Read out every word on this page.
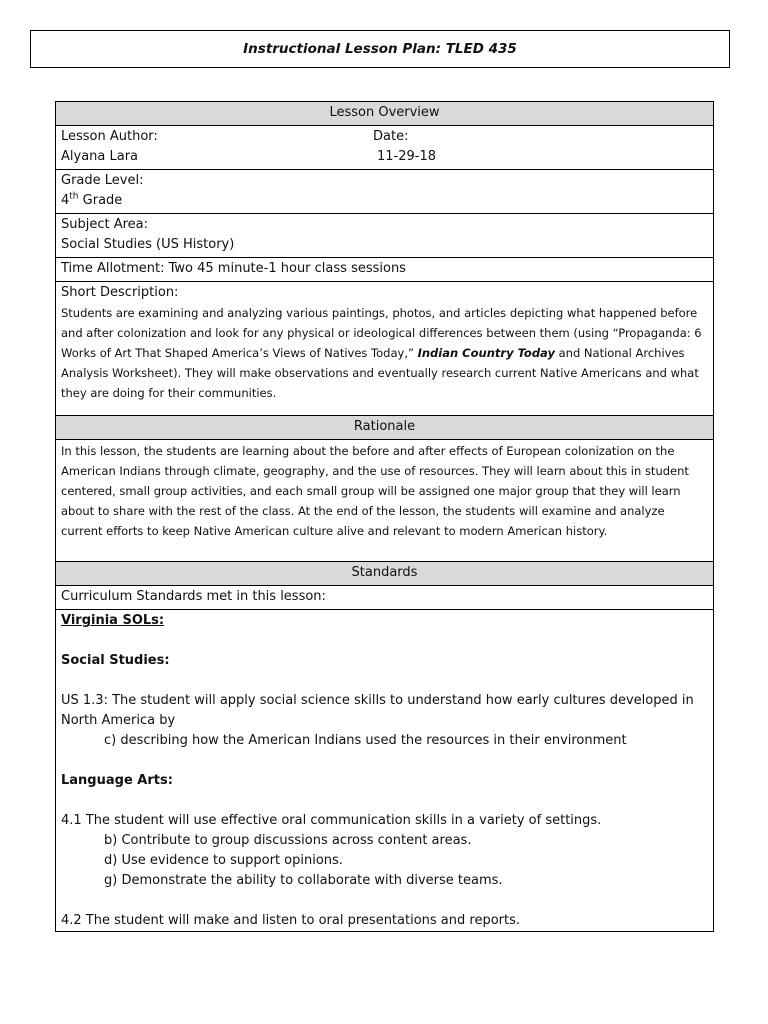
Instructional Lesson Plan: TLED 435
Lesson Overview

Lesson Author:
Alyana Lara
Date:
11-29-18

Grade Level:
4th Grade

Subject Area:
Social Studies (US History)

Time Allotment: Two 45 minute-1 hour class sessions

Short Description:
Students are examining and analyzing various paintings, photos, and articles depicting what happened before and after colonization and look for any physical or ideological differences between them (using “Propaganda: 6 Works of Art That Shaped America’s Views of Natives Today,” Indian Country Today and National Archives Analysis Worksheet). They will make observations and eventually research current Native Americans and what they are doing for their communities.

Rationale

In this lesson, the students are learning about the before and after effects of European colonization on the American Indians through climate, geography, and the use of resources. They will learn about this in student centered, small group activities, and each small group will be assigned one major group that they will learn about to share with the rest of the class. At the end of the lesson, the students will examine and analyze current efforts to keep Native American culture alive and relevant to modern American history.

Standards
Curriculum Standards met in this lesson:

Virginia SOLs:
Social Studies:
US 1.3: The student will apply social science skills to understand how early cultures developed in North America by
c) describing how the American Indians used the resources in their environment
Language Arts:
4.1 The student will use effective oral communication skills in a variety of settings.
b) Contribute to group discussions across content areas.
d) Use evidence to support opinions.
g) Demonstrate the ability to collaborate with diverse teams.
4.2 The student will make and listen to oral presentations and reports.
